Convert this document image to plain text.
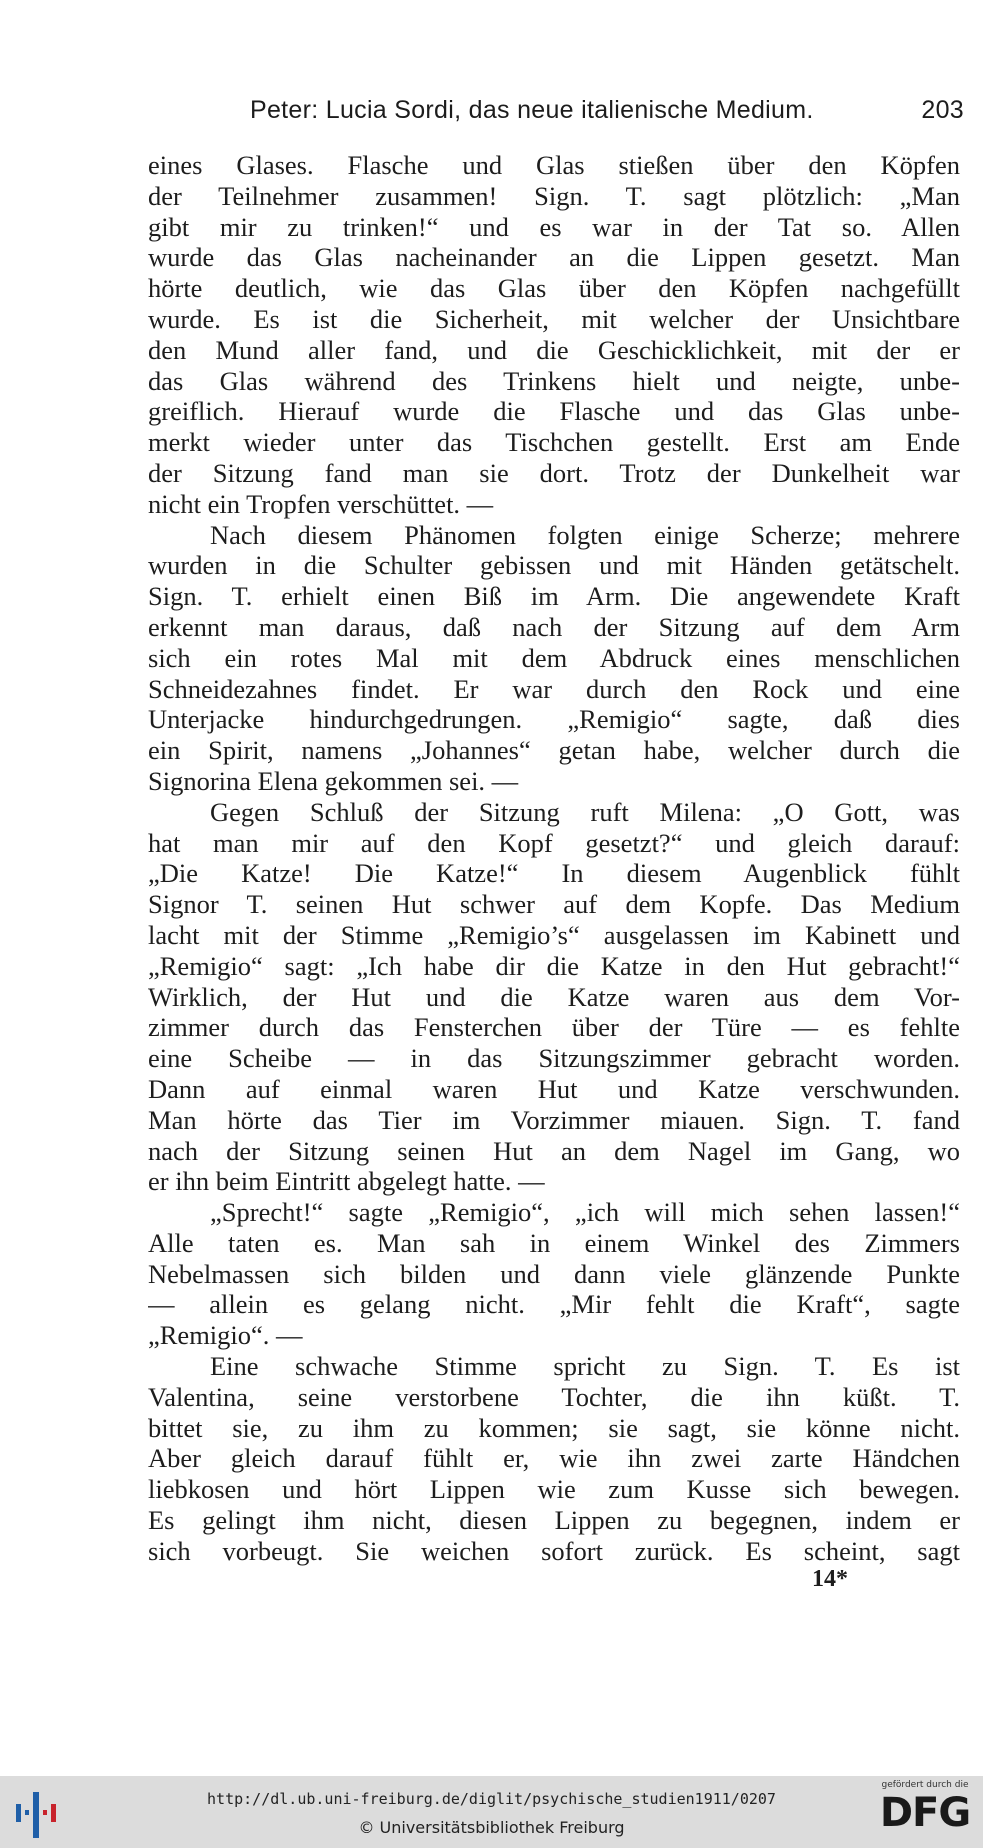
Peter: Lucia Sordi, das neue italienische Medium.	203
eines Glases. Flasche und Glas stießen über den Köpfen
der Teilnehmer zusammen! Sign. T. sagt plötzlich: „Man
gibt mir zu trinken!“ und es war in der Tat so. Allen
wurde das Glas nacheinander an die Lippen gesetzt. Man
hörte deutlich, wie das Glas über den Köpfen nachgefüllt
wurde. Es ist die Sicherheit, mit welcher der Unsichtbare
den Mund aller fand, und die Geschicklichkeit, mit der er
das Glas während des Trinkens hielt und neigte, unbe-
greiflich. Hierauf wurde die Flasche und das Glas unbe-
merkt wieder unter das Tischchen gestellt. Erst am Ende
der Sitzung fand man sie dort. Trotz der Dunkelheit war
nicht ein Tropfen verschüttet. —
Nach diesem Phänomen folgten einige Scherze; mehrere
wurden in die Schulter gebissen und mit Händen getätschelt.
Sign. T. erhielt einen Biß im Arm. Die angewendete Kraft
erkennt man daraus, daß nach der Sitzung auf dem Arm
sich ein rotes Mal mit dem Abdruck eines menschlichen
Schneidezahnes findet. Er war durch den Rock und eine
Unterjacke hindurchgedrungen. „Remigio“ sagte, daß dies
ein Spirit, namens „Johannes“ getan habe, welcher durch die
Signorina Elena gekommen sei. —
Gegen Schluß der Sitzung ruft Milena: „O Gott, was
hat man mir auf den Kopf gesetzt?“ und gleich darauf:
„Die Katze! Die Katze!“ In diesem Augenblick fühlt
Signor T. seinen Hut schwer auf dem Kopfe. Das Medium
lacht mit der Stimme „Remigio’s“ ausgelassen im Kabinett und
„Remigio“ sagt: „Ich habe dir die Katze in den Hut gebracht!“
Wirklich, der Hut und die Katze waren aus dem Vor-
zimmer durch das Fensterchen über der Türe — es fehlte
eine Scheibe — in das Sitzungszimmer gebracht worden.
Dann auf einmal waren Hut und Katze verschwunden.
Man hörte das Tier im Vorzimmer miauen. Sign. T. fand
nach der Sitzung seinen Hut an dem Nagel im Gang, wo
er ihn beim Eintritt abgelegt hatte. —
„Sprecht!“ sagte „Remigio“, „ich will mich sehen lassen!“
Alle taten es. Man sah in einem Winkel des Zimmers
Nebelmassen sich bilden und dann viele glänzende Punkte
— allein es gelang nicht. „Mir fehlt die Kraft“, sagte
„Remigio“. —
Eine schwache Stimme spricht zu Sign. T. Es ist
Valentina, seine verstorbene Tochter, die ihn küßt. T.
bittet sie, zu ihm zu kommen; sie sagt, sie könne nicht.
Aber gleich darauf fühlt er, wie ihn zwei zarte Händchen
liebkosen und hört Lippen wie zum Kusse sich bewegen.
Es gelingt ihm nicht, diesen Lippen zu begegnen, indem er
sich vorbeugt. Sie weichen sofort zurück. Es scheint, sagt
14*
http://dl.ub.uni-freiburg.de/diglit/psychische_studien1911/0207
© Universitätsbibliothek Freiburg
gefördert durch die
DFG
